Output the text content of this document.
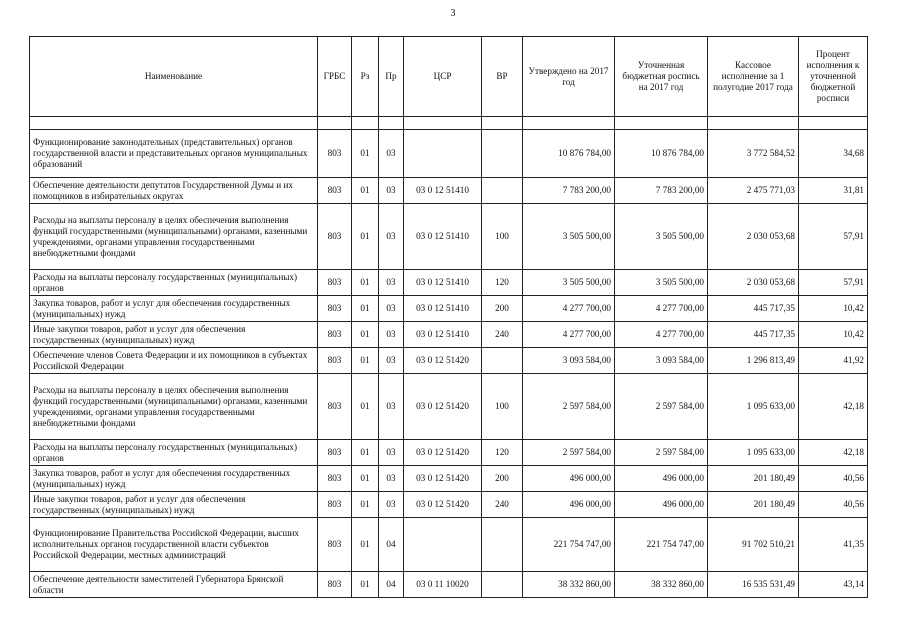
3
Наименование	ГРБС	Рз	Пр	ЦСР	ВР	Утверждено на 2017 год	Уточненная бюджетная роспись на 2017 год	Кассовое исполнение за 1 полугодие 2017 года	Процент исполнения к уточненной бюджетной росписи

Функционирование законодательных (представительных) органов государственной власти и представительных органов муниципальных образований	803	01	03			10 876 784,00	10 876 784,00	3 772 584,52	34,68
Обеспечение деятельности депутатов Государственной Думы и их помощников в избирательных округах	803	01	03	03 0 12 51410		7 783 200,00	7 783 200,00	2 475 771,03	31,81
Расходы на выплаты персоналу в целях обеспечения выполнения функций государственными (муниципальными) органами, казенными учреждениями, органами управления государственными внебюджетными фондами	803	01	03	03 0 12 51410	100	3 505 500,00	3 505 500,00	2 030 053,68	57,91
Расходы на выплаты персоналу государственных (муниципальных) органов	803	01	03	03 0 12 51410	120	3 505 500,00	3 505 500,00	2 030 053,68	57,91
Закупка товаров, работ и услуг для обеспечения государственных (муниципальных) нужд	803	01	03	03 0 12 51410	200	4 277 700,00	4 277 700,00	445 717,35	10,42
Иные закупки товаров, работ и услуг для обеспечения государственных (муниципальных) нужд	803	01	03	03 0 12 51410	240	4 277 700,00	4 277 700,00	445 717,35	10,42
Обеспечение членов Совета Федерации и их помощников в субъектах Российской Федерации	803	01	03	03 0 12 51420		3 093 584,00	3 093 584,00	1 296 813,49	41,92
Расходы на выплаты персоналу в целях обеспечения выполнения функций государственными (муниципальными) органами, казенными учреждениями, органами управления государственными внебюджетными фондами	803	01	03	03 0 12 51420	100	2 597 584,00	2 597 584,00	1 095 633,00	42,18
Расходы на выплаты персоналу государственных (муниципальных) органов	803	01	03	03 0 12 51420	120	2 597 584,00	2 597 584,00	1 095 633,00	42,18
Закупка товаров, работ и услуг для обеспечения государственных (муниципальных) нужд	803	01	03	03 0 12 51420	200	496 000,00	496 000,00	201 180,49	40,56
Иные закупки товаров, работ и услуг для обеспечения государственных (муниципальных) нужд	803	01	03	03 0 12 51420	240	496 000,00	496 000,00	201 180,49	40,56
Функционирование Правительства Российской Федерации, высших исполнительных органов государственной власти субъектов Российской Федерации, местных администраций	803	01	04			221 754 747,00	221 754 747,00	91 702 510,21	41,35
Обеспечение деятельности заместителей Губернатора Брянской области	803	01	04	03 0 11 10020		38 332 860,00	38 332 860,00	16 535 531,49	43,14
